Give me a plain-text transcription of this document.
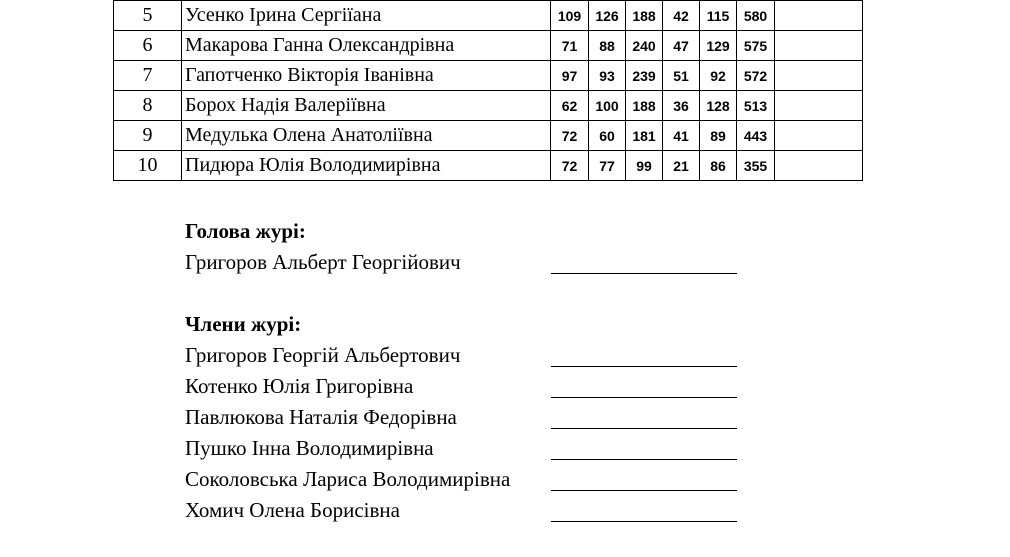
5	Усенко Ірина Сергіїана	109	126	188	42	115	580	
6	Макарова Ганна Олександрівна	71	88	240	47	129	575	
7	Гапотченко Вікторія Іванівна	97	93	239	51	92	572	
8	Борох Надія Валеріївна	62	100	188	36	128	513	
9	Медулька Олена Анатоліївна	72	60	181	41	89	443	
10	Пидюра Юлія Володимирівна	72	77	99	21	86	355	
Голова журі:
Григоров Альберт Георгійович
Члени журі:
Григоров Георгій Альбертович
Котенко Юлія Григорівна
Павлюкова Наталія Федорівна
Пушко Інна Володимирівна
Соколовська Лариса Володимирівна
Хомич Олена Борисівна
